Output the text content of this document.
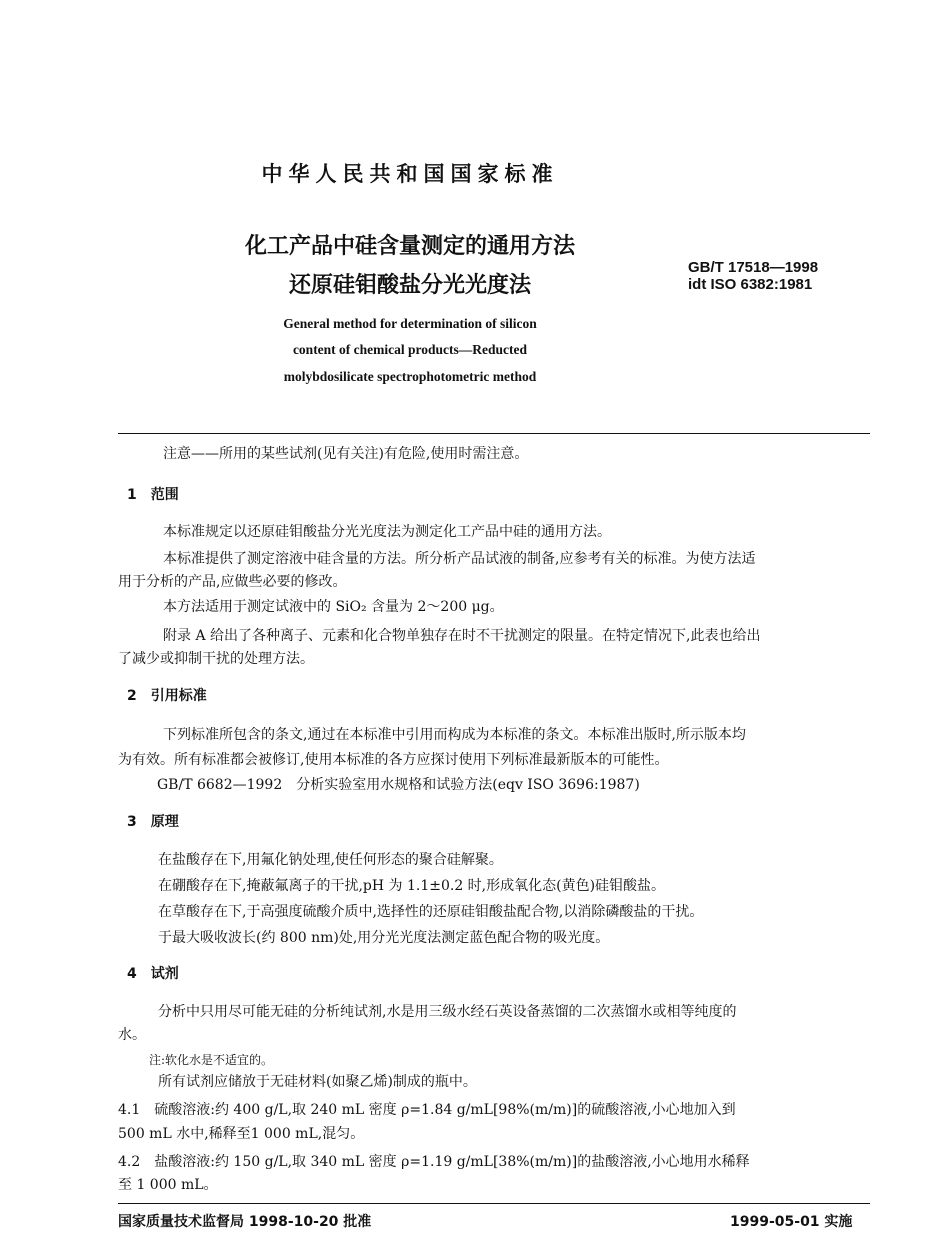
中华人民共和国国家标准
化工产品中硅含量测定的通用方法
还原硅钼酸盐分光光度法
GB/T 17518—1998
idt ISO 6382:1981
General method for determination of silicon
content of chemical products—Reducted
molybdosilicate spectrophotometric method
注意——所用的某些试剂(见有关注)有危险,使用时需注意。
1　范围
本标准规定以还原硅钼酸盐分光光度法为测定化工产品中硅的通用方法。
本标准提供了测定溶液中硅含量的方法。所分析产品试液的制备,应参考有关的标准。为使方法适
用于分析的产品,应做些必要的修改。
本方法适用于测定试液中的 SiO₂ 含量为 2～200 μg。
附录 A 给出了各种离子、元素和化合物单独存在时不干扰测定的限量。在特定情况下,此表也给出
了减少或抑制干扰的处理方法。
2　引用标准
下列标准所包含的条文,通过在本标准中引用而构成为本标准的条文。本标准出版时,所示版本均
为有效。所有标准都会被修订,使用本标准的各方应探讨使用下列标准最新版本的可能性。
GB/T 6682—1992　分析实验室用水规格和试验方法(eqv ISO 3696:1987)
3　原理
在盐酸存在下,用氟化钠处理,使任何形态的聚合硅解聚。
在硼酸存在下,掩蔽氟离子的干扰,pH 为 1.1±0.2 时,形成氧化态(黄色)硅钼酸盐。
在草酸存在下,于高强度硫酸介质中,选择性的还原硅钼酸盐配合物,以消除磷酸盐的干扰。
于最大吸收波长(约 800 nm)处,用分光光度法测定蓝色配合物的吸光度。
4　试剂
分析中只用尽可能无硅的分析纯试剂,水是用三级水经石英设备蒸馏的二次蒸馏水或相等纯度的
水。
注:软化水是不适宜的。
所有试剂应储放于无硅材料(如聚乙烯)制成的瓶中。
4.1　硫酸溶液:约 400 g/L,取 240 mL 密度 ρ=1.84 g/mL[98%(m/m)]的硫酸溶液,小心地加入到
500 mL 水中,稀释至1 000 mL,混匀。
4.2　盐酸溶液:约 150 g/L,取 340 mL 密度 ρ=1.19 g/mL[38%(m/m)]的盐酸溶液,小心地用水稀释
至 1 000 mL。
国家质量技术监督局 1998-10-20 批准	1999-05-01 实施
